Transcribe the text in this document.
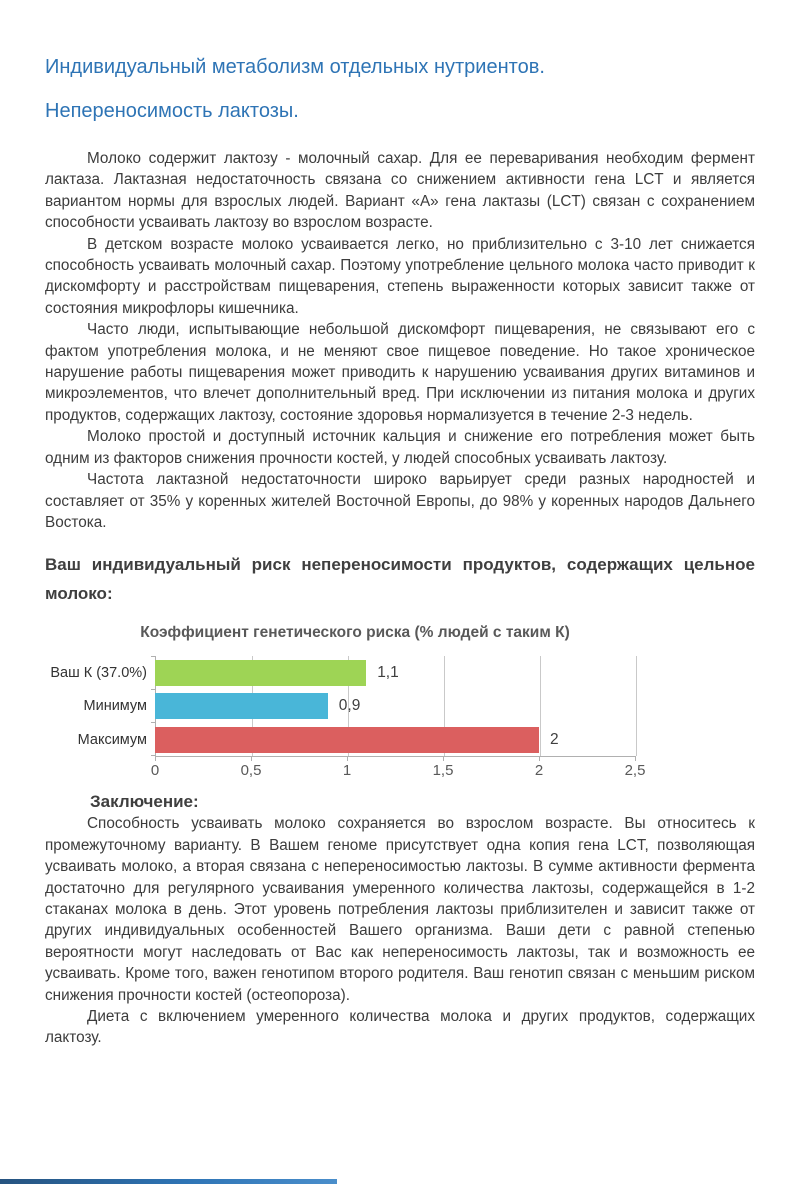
Индивидуальный метаболизм отдельных нутриентов.
Непереносимость лактозы.

Молоко содержит лактозу - молочный сахар. Для ее переваривания необходим фермент лактаза. Лактазная недостаточность связана со снижением активности гена LCT и является вариантом нормы для взрослых людей. Вариант «А» гена лактазы (LCT) связан с сохранением способности усваивать лактозу во взрослом возрасте.

В детском возрасте молоко усваивается легко, но приблизительно с 3-10 лет снижается способность усваивать молочный сахар. Поэтому употребление цельного молока часто приводит к дискомфорту и расстройствам пищеварения, степень выраженности которых зависит также от состояния микрофлоры кишечника.

Часто люди, испытывающие небольшой дискомфорт пищеварения, не связывают его с фактом употребления молока, и не меняют свое пищевое поведение. Но такое хроническое нарушение работы пищеварения может приводить к нарушению усваивания других витаминов и микроэлементов, что влечет дополнительный вред. При исключении из питания молока и других продуктов, содержащих лактозу, состояние здоровья нормализуется в течение 2-3 недель.

Молоко простой и доступный источник кальция и снижение его потребления может быть одним из факторов снижения прочности костей, у людей способных усваивать лактозу.

Частота лактазной недостаточности широко варьирует среди разных народностей и составляет от 35% у коренных жителей Восточной Европы, до 98% у коренных народов Дальнего Востока.

Ваш индивидуальный риск непереносимости продуктов, содержащих цельное молоко:

Коэффициент генетического риска (% людей с таким К)
Ваш К (37.0%)	1,1
Минимум	0,9
Максимум	2
0	0,5	1	1,5	2	2,5
Заключение:

Способность усваивать молоко сохраняется во взрослом возрасте. Вы относитесь к промежуточному варианту. В Вашем геноме присутствует одна копия гена LCT, позволяющая усваивать молоко, а вторая связана с непереносимостью лактозы. В сумме активности фермента достаточно для регулярного усваивания умеренного количества лактозы, содержащейся в 1-2 стаканах молока в день. Этот уровень потребления лактозы приблизителен и зависит также от других индивидуальных особенностей Вашего организма. Ваши дети с равной степенью вероятности могут наследовать от Вас как непереносимость лактозы, так и возможность ее усваивать. Кроме того, важен генотипом второго родителя. Ваш генотип связан с меньшим риском снижения прочности костей (остеопороза).

Диета с включением умеренного количества молока и других продуктов, содержащих лактозу.
